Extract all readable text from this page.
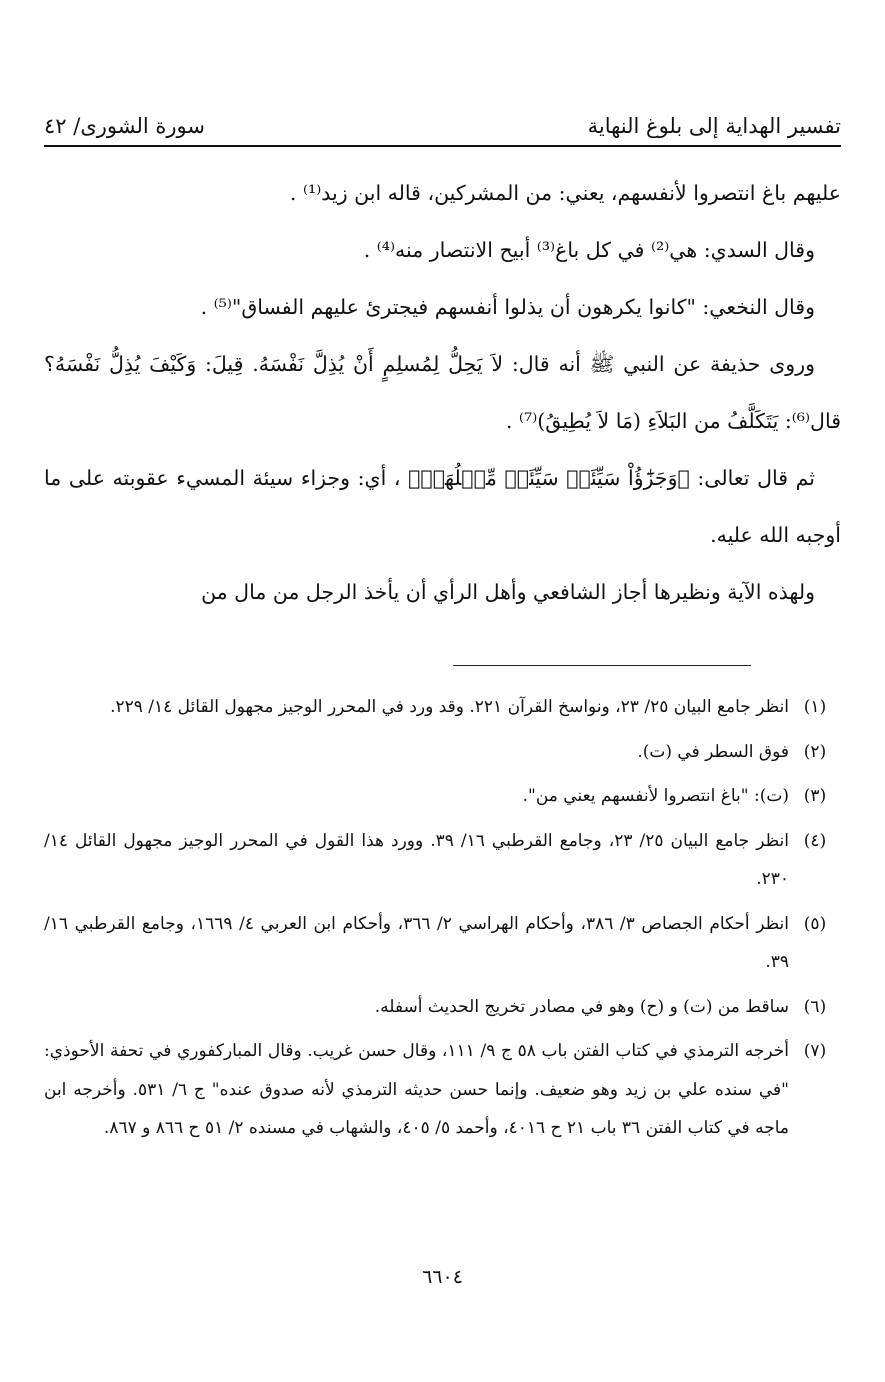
تفسير الهداية إلى بلوغ النهاية
سورة الشورى/ ٤٢

عليهم باغ انتصروا لأنفسهم، يعني: من المشركين، قاله ابن زيد⁽¹⁾ .

وقال السدي: هي⁽²⁾ في كل باغ⁽³⁾ أبيح الانتصار منه⁽⁴⁾ .

وقال النخعي: "كانوا يكرهون أن يذلوا أنفسهم فيجترئ عليهم الفساق"⁽⁵⁾ .

وروى حذيفة عن النبي ﷺ أنه قال: لاَ يَحِلُّ لِمُسلِمٍ أَنْ يُذِلَّ نَفْسَهُ. قِيلَ: وَكَيْفَ يُذِلُّ نَفْسَهُ؟ قال⁽⁶⁾: يَتَكَلَّفُ من البَلاَءِ (مَا لاَ يُطِيقُ)⁽⁷⁾ .

ثم قال تعالى: ﴿وَجَزَٰٓؤُاْ سَيِّئَةٖ سَيِّئَةٞ مِّثۡلُهَاۖ﴾ ، أي: وجزاء سيئة المسيء عقوبته على ما أوجبه الله عليه.

ولهذه الآية ونظيرها أجاز الشافعي وأهل الرأي أن يأخذ الرجل من مال من

(١)
انظر جامع البيان ٢٥/ ٢٣، ونواسخ القرآن ٢٢١. وقد ورد في المحرر الوجيز مجهول القائل ١٤/ ٢٢٩.
(٢)
فوق السطر في (ت).
(٣)
(ت): "باغ انتصروا لأنفسهم يعني من".
(٤)
انظر جامع البيان ٢٥/ ٢٣، وجامع القرطبي ١٦/ ٣٩. وورد هذا القول في المحرر الوجيز مجهول القائل ١٤/ ٢٣٠.
(٥)
انظر أحكام الجصاص ٣/ ٣٨٦، وأحكام الهراسي ٢/ ٣٦٦، وأحكام ابن العربي ٤/ ١٦٦٩، وجامع القرطبي ١٦/ ٣٩.
(٦)
ساقط من (ت) و (ح) وهو في مصادر تخريج الحديث أسفله.
(٧)
أخرجه الترمذي في كتاب الفتن باب ٥٨ ج ٩/ ١١١، وقال حسن غريب. وقال المباركفوري في تحفة الأحوذي: "في سنده علي بن زيد وهو ضعيف. وإنما حسن حديثه الترمذي لأنه صدوق عنده" ج ٦/ ٥٣١. وأخرجه ابن ماجه في كتاب الفتن ٣٦ باب ٢١ ح ٤٠١٦، وأحمد ٥/ ٤٠٥، والشهاب في مسنده ٢/ ٥١ ح ٨٦٦ و ٨٦٧.
٦٦٠٤
